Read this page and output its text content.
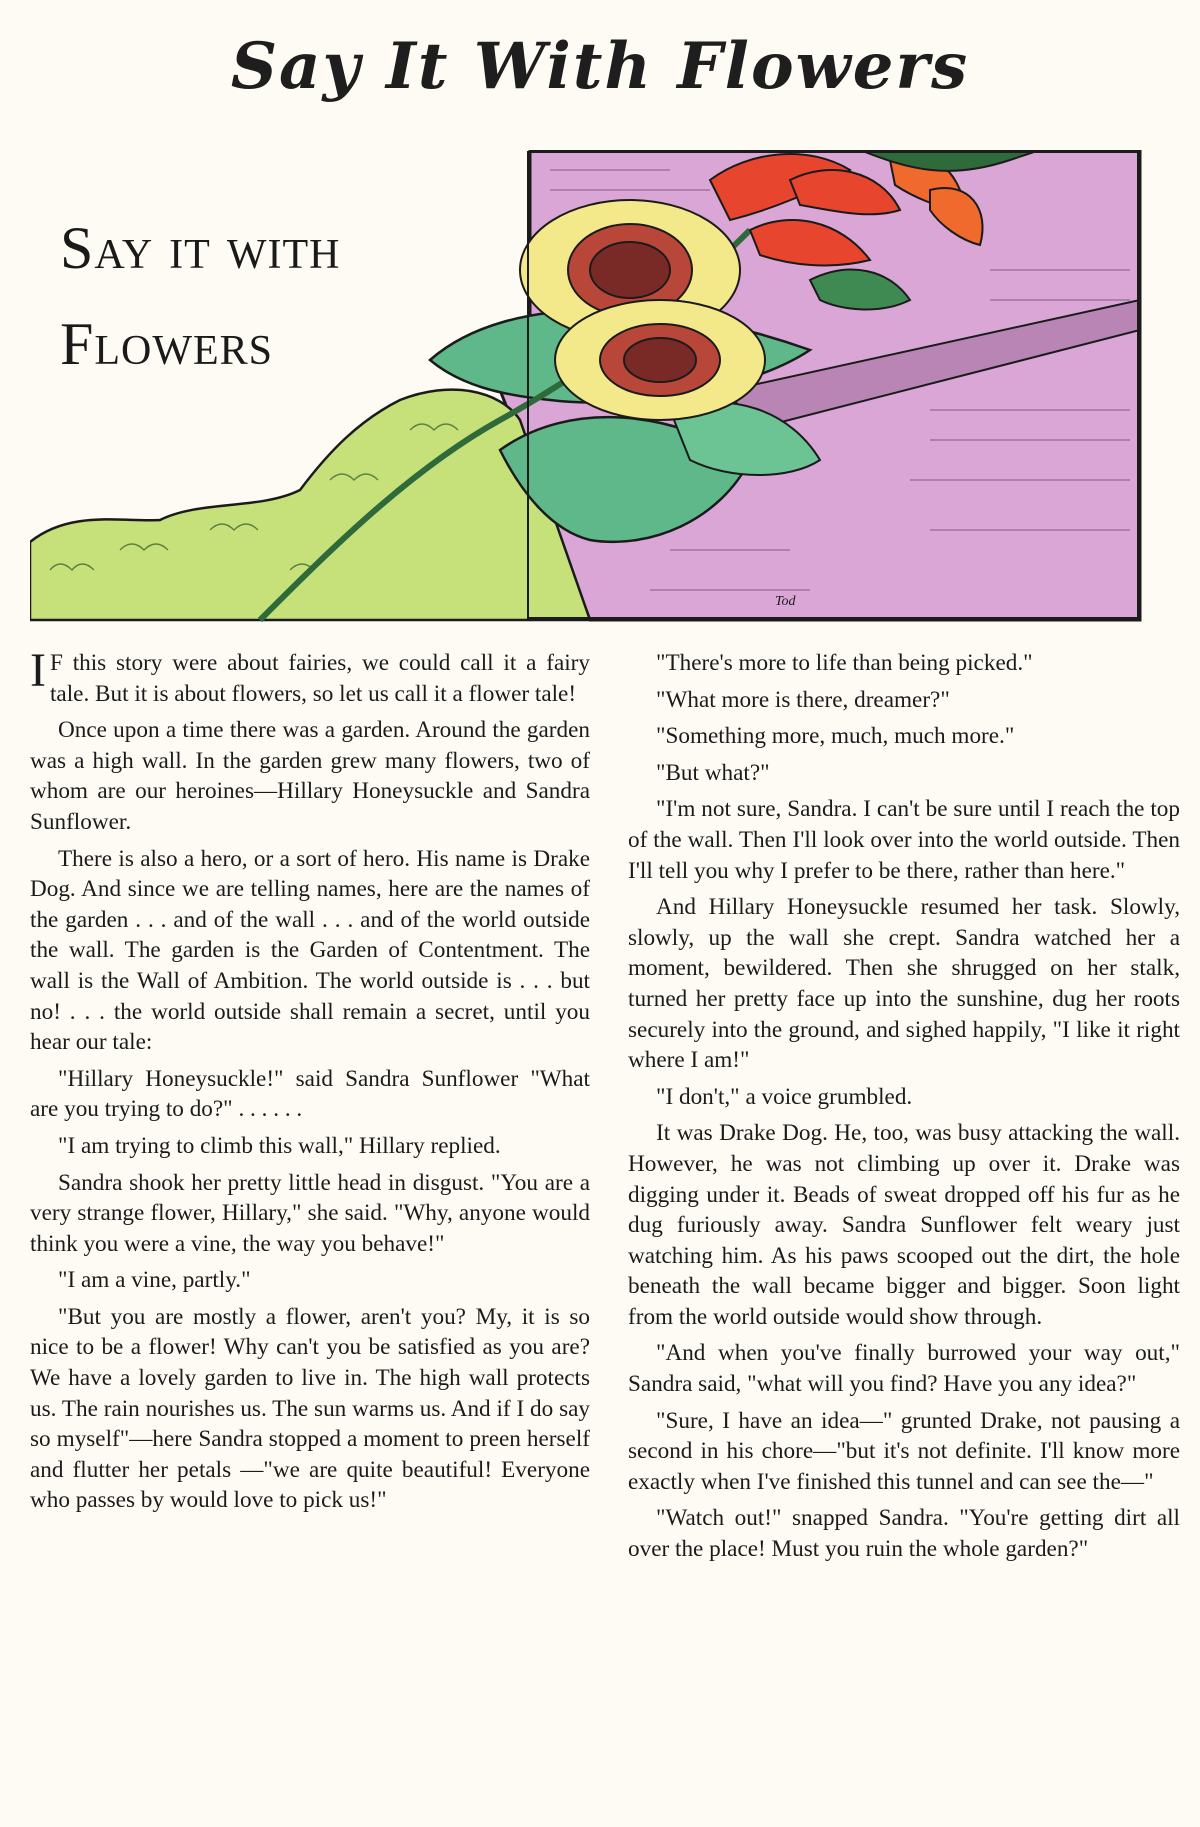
Say It With Flowers
Tod
Say it with
Flowers

I F this story were about fairies, we could call it a fairy tale. But it is about flowers, so let us call it a flower tale!

Once upon a time there was a garden. Around the garden was a high wall. In the garden grew many flowers, two of whom are our heroines—Hillary Honeysuckle and Sandra Sunflower.

There is also a hero, or a sort of hero. His name is Drake Dog. And since we are telling names, here are the names of the garden . . . and of the wall . . . and of the world outside the wall. The garden is the Garden of Contentment. The wall is the Wall of Ambition. The world outside is . . . but no! . . . the world outside shall remain a secret, until you hear our tale:

"Hillary Honeysuckle!" said Sandra Sunflower "What are you trying to do?" . . . . . .

"I am trying to climb this wall," Hillary replied.

Sandra shook her pretty little head in disgust. "You are a very strange flower, Hillary," she said. "Why, anyone would think you were a vine, the way you behave!"

"I am a vine, partly."

"But you are mostly a flower, aren't you? My, it is so nice to be a flower! Why can't you be satisfied as you are? We have a lovely garden to live in. The high wall protects us. The rain nourishes us. The sun warms us. And if I do say so myself"—here Sandra stopped a moment to preen herself and flutter her petals —"we are quite beautiful! Everyone who passes by would love to pick us!"

"There's more to life than being picked."

"What more is there, dreamer?"

"Something more, much, much more."

"But what?"

"I'm not sure, Sandra. I can't be sure until I reach the top of the wall. Then I'll look over into the world outside. Then I'll tell you why I prefer to be there, rather than here."

And Hillary Honeysuckle resumed her task. Slowly, slowly, up the wall she crept. Sandra watched her a moment, bewildered. Then she shrugged on her stalk, turned her pretty face up into the sunshine, dug her roots securely into the ground, and sighed happily, "I like it right where I am!"

"I don't," a voice grumbled.

It was Drake Dog. He, too, was busy attacking the wall. However, he was not climbing up over it. Drake was digging under it. Beads of sweat dropped off his fur as he dug furiously away. Sandra Sunflower felt weary just watching him. As his paws scooped out the dirt, the hole beneath the wall became bigger and bigger. Soon light from the world outside would show through.

"And when you've finally burrowed your way out," Sandra said, "what will you find? Have you any idea?"

"Sure, I have an idea—" grunted Drake, not pausing a second in his chore—"but it's not definite. I'll know more exactly when I've finished this tunnel and can see the—"

"Watch out!" snapped Sandra. "You're getting dirt all over the place! Must you ruin the whole garden?"
